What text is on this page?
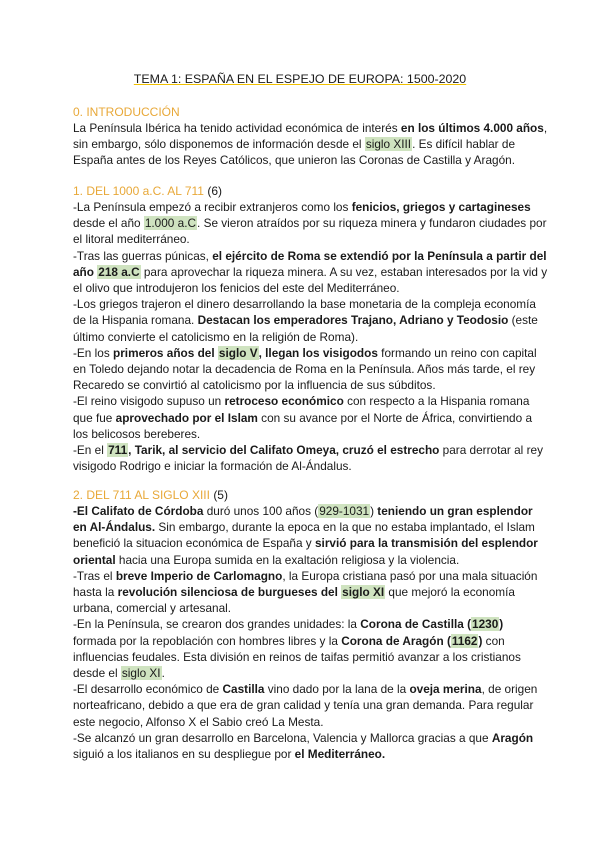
TEMA 1: ESPAÑA EN EL ESPEJO DE EUROPA: 1500-2020
0. INTRODUCCIÓN

La Península Ibérica ha tenido actividad económica de interés en los últimos 4.000 años, sin embargo, sólo disponemos de información desde el siglo XIII. Es difícil hablar de España antes de los Reyes Católicos, que unieron las Coronas de Castilla y Aragón.

1. DEL 1000 a.C. AL 711 (6)

-La Península empezó a recibir extranjeros como los fenicios, griegos y cartagineses desde el año 1.000 a.C. Se vieron atraídos por su riqueza minera y fundaron ciudades por el litoral mediterráneo.

-Tras las guerras púnicas, el ejército de Roma se extendió por la Península a partir del año 218 a.C para aprovechar la riqueza minera. A su vez, estaban interesados por la vid y el olivo que introdujeron los fenicios del este del Mediterráneo.

-Los griegos trajeron el dinero desarrollando la base monetaria de la compleja economía de la Hispania romana. Destacan los emperadores Trajano, Adriano y Teodosio (este último convierte el catolicismo en la religión de Roma).

-En los primeros años del siglo V, llegan los visigodos formando un reino con capital en Toledo dejando notar la decadencia de Roma en la Península. Años más tarde, el rey Recaredo se convirtió al catolicismo por la influencia de sus súbditos.

-El reino visigodo supuso un retroceso económico con respecto a la Hispania romana que fue aprovechado por el Islam con su avance por el Norte de África, convirtiendo a los belicosos bereberes.

-En el 711, Tarik, al servicio del Califato Omeya, cruzó el estrecho para derrotar al rey visigodo Rodrigo e iniciar la formación de Al-Ándalus.

2. DEL 711 AL SIGLO XIII (5)

-El Califato de Córdoba duró unos 100 años (929-1031) teniendo un gran esplendor en Al-Ándalus. Sin embargo, durante la epoca en la que no estaba implantado, el Islam benefició la situacion económica de España y sirvió para la transmisión del esplendor oriental hacia una Europa sumida en la exaltación religiosa y la violencia.

-Tras el breve Imperio de Carlomagno, la Europa cristiana pasó por una mala situación hasta la revolución silenciosa de burgueses del siglo XI que mejoró la economía urbana, comercial y artesanal.

-En la Península, se crearon dos grandes unidades: la Corona de Castilla (1230) formada por la repoblación con hombres libres y la Corona de Aragón (1162) con influencias feudales. Esta división en reinos de taifas permitió avanzar a los cristianos desde el siglo XI.

-El desarrollo económico de Castilla vino dado por la lana de la oveja merina, de origen norteafricano, debido a que era de gran calidad y tenía una gran demanda. Para regular este negocio, Alfonso X el Sabio creó La Mesta.

-Se alcanzó un gran desarrollo en Barcelona, Valencia y Mallorca gracias a que Aragón siguió a los italianos en su despliegue por el Mediterráneo.
